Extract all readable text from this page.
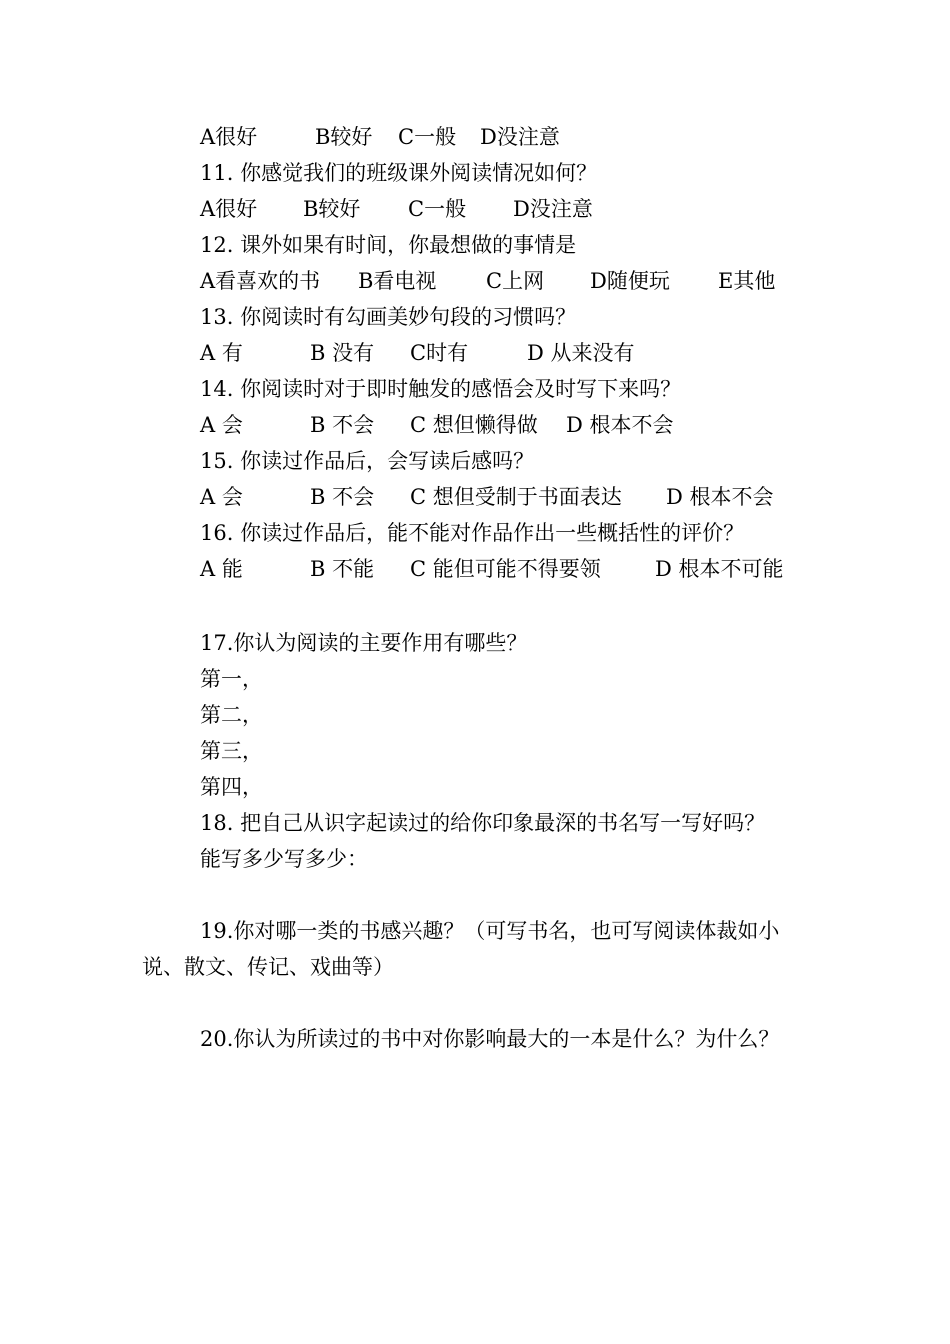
A很好	B较好 C一般 D没注意
11. 你感觉我们的班级课外阅读情况如何？
A很好 B较好 C一般 D没注意
12. 课外如果有时间，你最想做的事情是
A看喜欢的书 B看电视 C上网 D随便玩 E其他
13. 你阅读时有勾画美妙句段的习惯吗？
A 有	B 没有 C时有	D 从来没有
14. 你阅读时对于即时触发的感悟会及时写下来吗？
A 会	B 不会 C 想但懒得做 D 根本不会
15. 你读过作品后，会写读后感吗？
A 会	B 不会 C 想但受制于书面表达 D 根本不会
16. 你读过作品后，能不能对作品作出一些概括性的评价？
A 能	B 不能 C 能但可能不得要领	D 根本不可能
17.你认为阅读的主要作用有哪些？
第一，
第二，
第三，
第四，
18. 把自己从识字起读过的给你印象最深的书名写一写好吗？
能写多少写多少：
19.你对哪一类的书感兴趣？（可写书名，也可写阅读体裁如小
说、散文、传记、戏曲等）
20.你认为所读过的书中对你影响最大的一本是什么？为什么？
